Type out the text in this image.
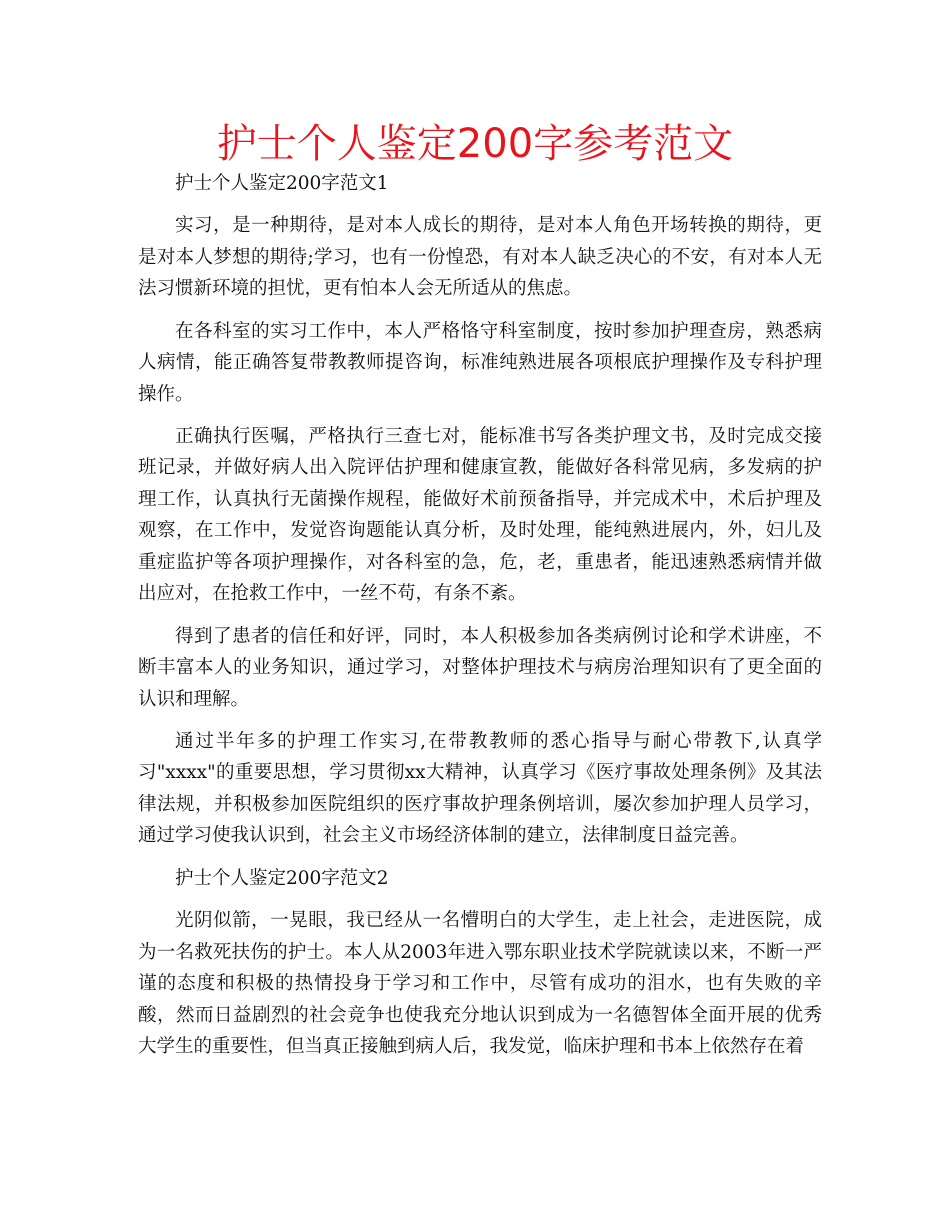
护士个人鉴定200字参考范文

护士个人鉴定200字范文1

实习，是一种期待，是对本人成长的期待，是对本人角色开场转换的期待，更是对本人梦想的期待;学习，也有一份惶恐，有对本人缺乏决心的不安，有对本人无法习惯新环境的担忧，更有怕本人会无所适从的焦虑。

在各科室的实习工作中，本人严格恪守科室制度，按时参加护理查房，熟悉病人病情，能正确答复带教教师提咨询，标准纯熟进展各项根底护理操作及专科护理操作。

正确执行医嘱，严格执行三查七对，能标准书写各类护理文书，及时完成交接班记录，并做好病人出入院评估护理和健康宣教，能做好各科常见病，多发病的护理工作，认真执行无菌操作规程，能做好术前预备指导，并完成术中，术后护理及观察，在工作中，发觉咨询题能认真分析，及时处理，能纯熟进展内，外，妇儿及重症监护等各项护理操作，对各科室的急，危，老，重患者，能迅速熟悉病情并做出应对，在抢救工作中，一丝不苟，有条不紊。

得到了患者的信任和好评，同时，本人积极参加各类病例讨论和学术讲座，不断丰富本人的业务知识，通过学习，对整体护理技术与病房治理知识有了更全面的认识和理解。

通过半年多的护理工作实习,在带教教师的悉心指导与耐心带教下,认真学习"xxxx"的重要思想，学习贯彻xx大精神，认真学习《医疗事故处理条例》及其法律法规，并积极参加医院组织的医疗事故护理条例培训，屡次参加护理人员学习，通过学习使我认识到，社会主义市场经济体制的建立，法律制度日益完善。

护士个人鉴定200字范文2

光阴似箭，一晃眼，我已经从一名懵明白的大学生，走上社会，走进医院，成为一名救死扶伤的护士。本人从2003年进入鄂东职业技术学院就读以来，不断一严谨的态度和积极的热情投身于学习和工作中，尽管有成功的泪水，也有失败的辛酸，然而日益剧烈的社会竞争也使我充分地认识到成为一名德智体全面开展的优秀大学生的重要性，但当真正接触到病人后，我发觉，临床护理和书本上依然存在着
